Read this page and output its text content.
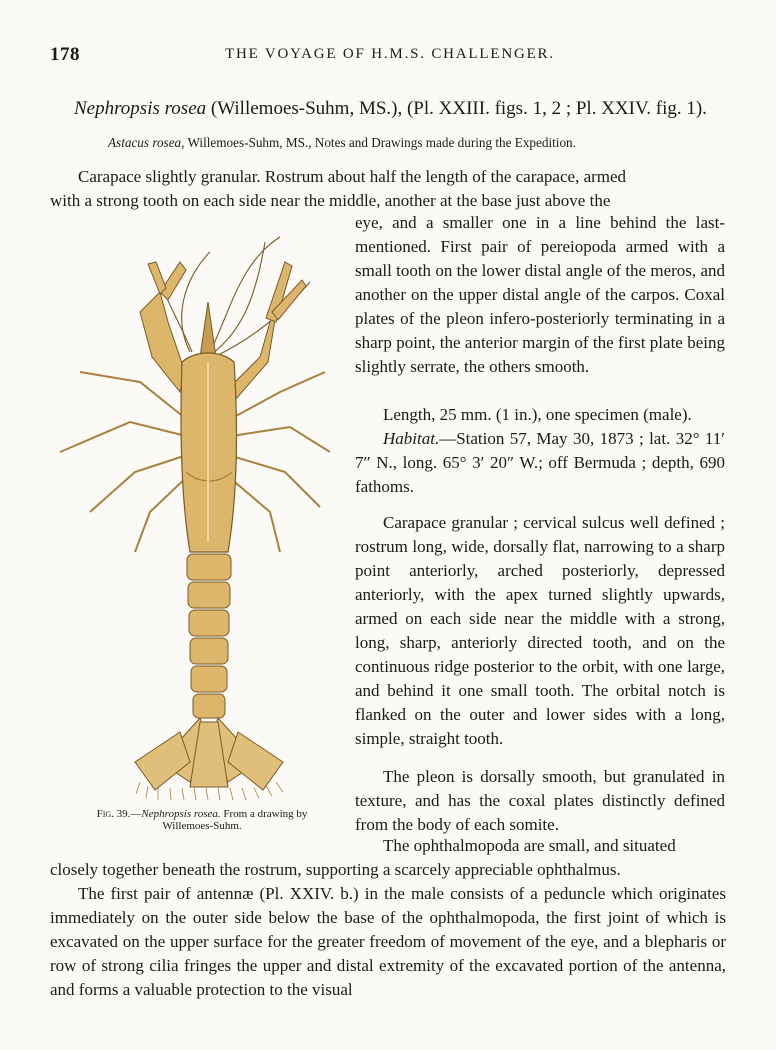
178	THE VOYAGE OF H.M.S. CHALLENGER.
Nephropsis rosea (Willemoes-Suhm, MS.), (Pl. XXIII. figs. 1, 2 ; Pl. XXIV. fig. 1).
Astacus rosea, Willemoes-Suhm, MS., Notes and Drawings made during the Expedition.

Carapace slightly granular. Rostrum about half the length of the carapace, armed

with a strong tooth on each side near the middle, another at the base just above the

eye, and a smaller one in a line behind the last-mentioned. First pair of pereiopoda armed with a small tooth on the lower distal angle of the meros, and another on the upper distal angle of the carpos. Coxal plates of the pleon infero-posteriorly terminating in a sharp point, the anterior margin of the first plate being slightly serrate, the others smooth.

Length, 25 mm. (1 in.), one specimen (male).

Habitat.—Station 57, May 30, 1873 ; lat. 32° 11′ 7″ N., long. 65° 3′ 20″ W.; off Bermuda ; depth, 690 fathoms.

Carapace granular ; cervical sulcus well defined ; rostrum long, wide, dorsally flat, narrowing to a sharp point anteriorly, arched posteriorly, depressed anteriorly, with the apex turned slightly upwards, armed on each side near the middle with a strong, long, sharp, anteriorly directed tooth, and on the continuous ridge posterior to the orbit, with one large, and behind it one small tooth. The orbital notch is flanked on the outer and lower sides with a long, simple, straight tooth.

The pleon is dorsally smooth, but granulated in texture, and has the coxal plates distinctly defined from the body of each somite.

The ophthalmopoda are small, and situated

closely together beneath the rostrum, supporting a scarcely appreciable ophthalmus.

The first pair of antennæ (Pl. XXIV. b.) in the male consists of a peduncle which originates immediately on the outer side below the base of the ophthalmopoda, the first joint of which is excavated on the upper surface for the greater freedom of movement of the eye, and a blepharis or row of strong cilia fringes the upper and distal extremity of the excavated portion of the antenna, and forms a valuable protection to the visual

Fig. 39.—Nephropsis rosea. From a drawing by Willemoes-Suhm.
